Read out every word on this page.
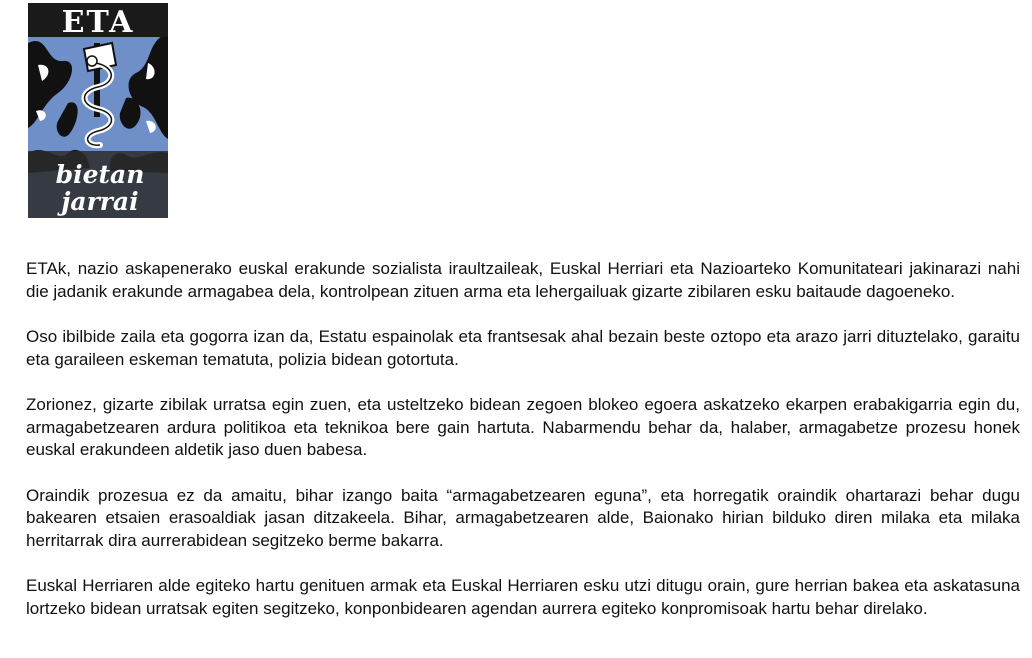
ETA
bietan
jarrai

ETAk, nazio askapenerako euskal erakunde sozialista iraultzaileak, Euskal Herriari eta Nazioarteko Komunitateari jakinarazi nahi die jadanik erakunde armagabea dela, kontrolpean zituen arma eta lehergailuak gizarte zibilaren esku baitaude dagoeneko.

Oso ibilbide zaila eta gogorra izan da, Estatu espainolak eta frantsesak ahal bezain beste oztopo eta arazo jarri dituztelako, garaitu eta garaileen eskeman tematuta, polizia bidean gotortuta.

Zorionez, gizarte zibilak urratsa egin zuen, eta usteltzeko bidean zegoen blokeo egoera askatzeko ekarpen erabakigarria egin du, armagabetzearen ardura politikoa eta teknikoa bere gain hartuta. Nabarmendu behar da, halaber, armagabetze prozesu honek euskal erakundeen aldetik jaso duen babesa.

Oraindik prozesua ez da amaitu, bihar izango baita “armagabetzearen eguna”, eta horregatik oraindik ohartarazi behar dugu bakearen etsaien erasoaldiak jasan ditzakeela. Bihar, armagabetzearen alde, Baionako hirian bilduko diren milaka eta milaka herritarrak dira aurrerabidean segitzeko berme bakarra.

Euskal Herriaren alde egiteko hartu genituen armak eta Euskal Herriaren esku utzi ditugu orain, gure herrian bakea eta askatasuna lortzeko bidean urratsak egiten segitzeko, konponbidearen agendan aurrera egiteko konpromisoak hartu behar direlako.
